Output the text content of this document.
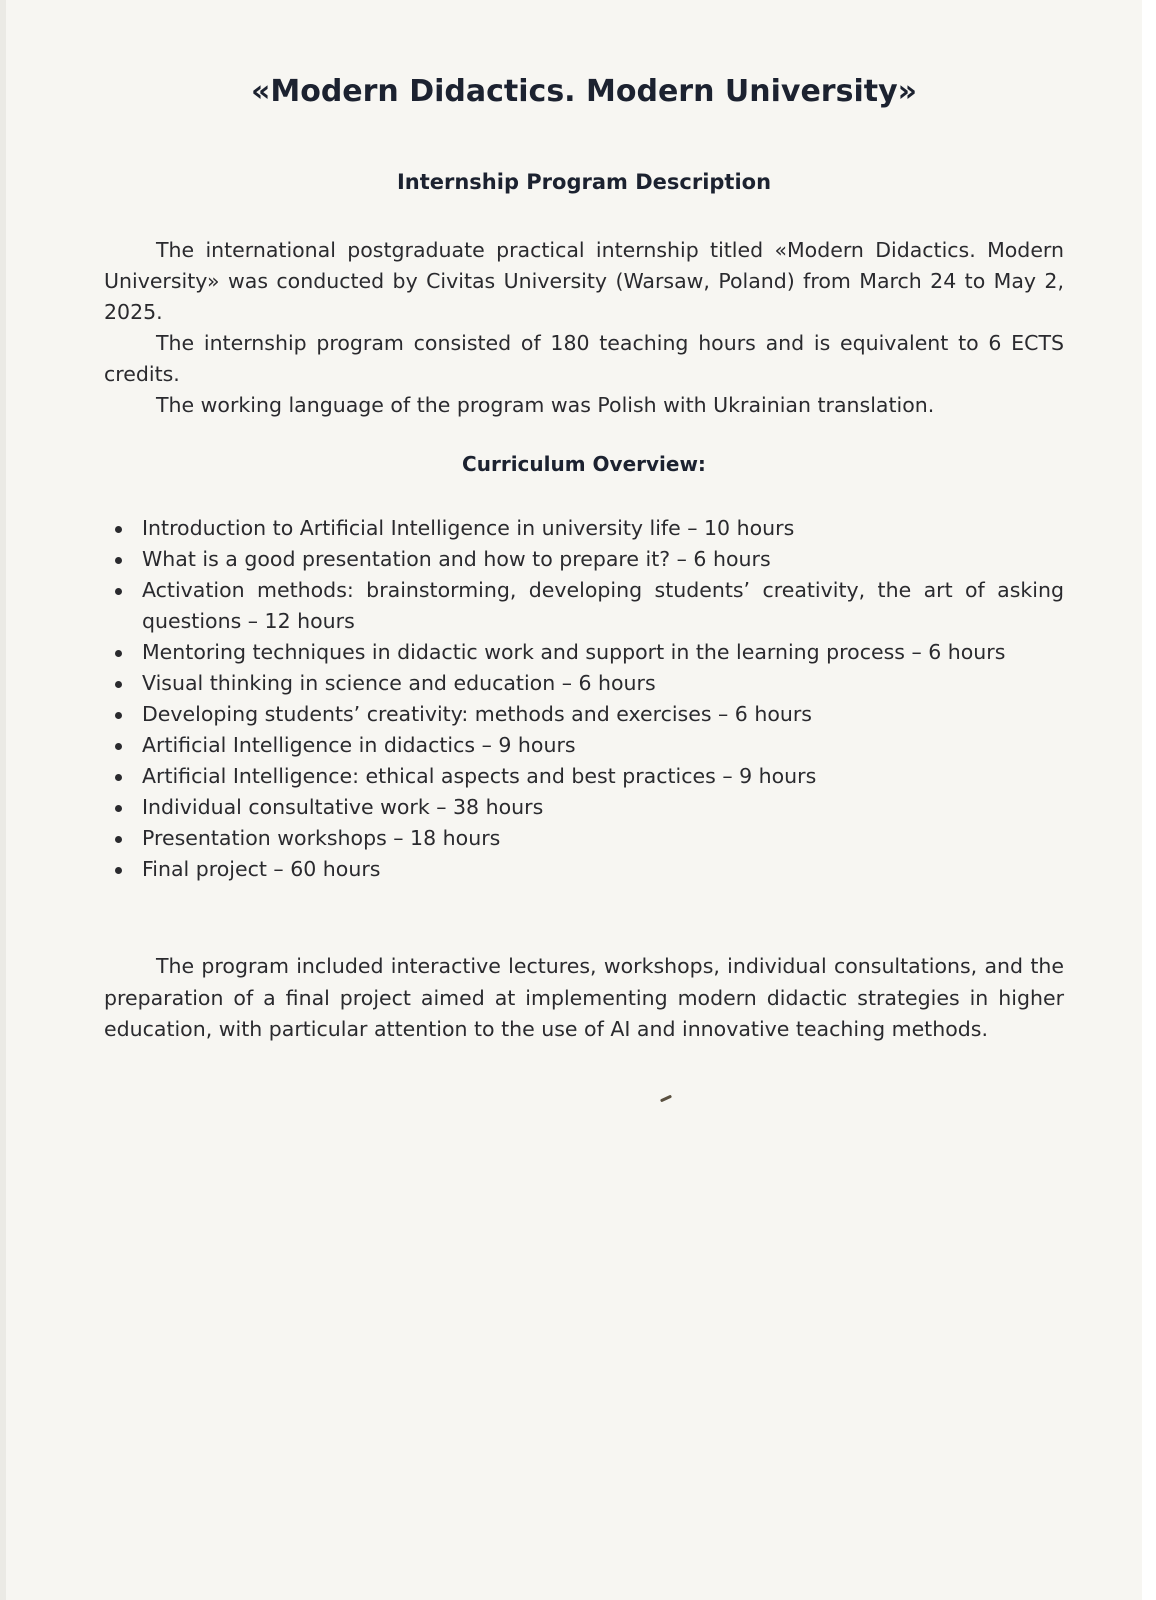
«Modern Didactics. Modern University»
Internship Program Description

The international postgraduate practical internship titled «Modern Didactics. Modern University» was conducted by Civitas University (Warsaw, Poland) from March 24 to May 2, 2025.

The internship program consisted of 180 teaching hours and is equivalent to 6 ECTS credits.

The working language of the program was Polish with Ukrainian translation.

Curriculum Overview:
Introduction to Artificial Intelligence in university life – 10 hours
What is a good presentation and how to prepare it? – 6 hours
Activation methods: brainstorming, developing students’ creativity, the art of asking questions – 12 hours
Mentoring techniques in didactic work and support in the learning process – 6 hours
Visual thinking in science and education – 6 hours
Developing students’ creativity: methods and exercises – 6 hours
Artificial Intelligence in didactics – 9 hours
Artificial Intelligence: ethical aspects and best practices – 9 hours
Individual consultative work – 38 hours
Presentation workshops – 18 hours
Final project – 60 hours

The program included interactive lectures, workshops, individual consultations, and the preparation of a final project aimed at implementing modern didactic strategies in higher education, with particular attention to the use of AI and innovative teaching methods.
